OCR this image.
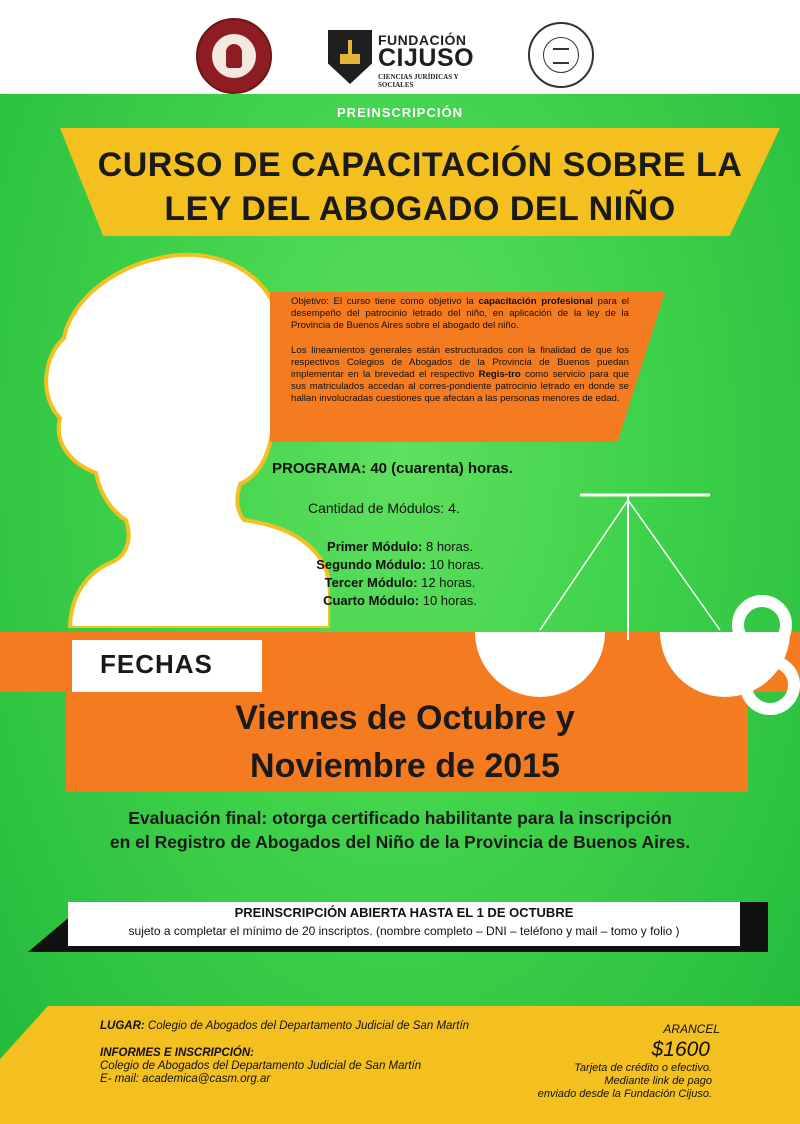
FUNDACIÓN
CIJUSO
CIENCIAS JURÍDICAS Y SOCIALES
PREINSCRIPCIÓN
CURSO DE CAPACITACIÓN SOBRE LA
LEY DEL ABOGADO DEL NIÑO

Objetivo: El curso tiene como objetivo la capacitación profesional para el desempeño del patrocinio letrado del niño, en aplicación de la ley de la Provincia de Buenos Aires sobre el abogado del niño.

Los lineamientos generales están estructurados con la finalidad de que los respectivos Colegios de Abogados de la Provincia de Buenos puedan implementar en la brevedad el respectivo Regis-tro como servicio para que sus matriculados accedan al corres-pondiente patrocinio letrado en donde se hallan involucradas cuestiones que afectan a las personas menores de edad.

PROGRAMA: 40 (cuarenta) horas.
Cantidad de Módulos: 4.
Primer Módulo: 8 horas.
Segundo Módulo: 10 horas.
Tercer Módulo: 12 horas.
Cuarto Módulo: 10 horas.
FECHAS
Viernes de Octubre y
Noviembre de 2015
Evaluación final: otorga certificado habilitante para la inscripción
en el Registro de Abogados del Niño de la Provincia de Buenos Aires.
PREINSCRIPCIÓN ABIERTA HASTA EL 1 DE OCTUBRE
sujeto a completar el mínimo de 20 inscriptos. (nombre completo – DNI – teléfono y mail – tomo y folio )
LUGAR: Colegio de Abogados del Departamento Judicial de San Martín
INFORMES E INSCRIPCIÓN:
Colegio de Abogados del Departamento Judicial de San Martín
E- mail: academica@casm.org.ar
ARANCEL
$1600
Tarjeta de crédito o efectivo.
Mediante link de pago
enviado desde la Fundación Cijuso.
